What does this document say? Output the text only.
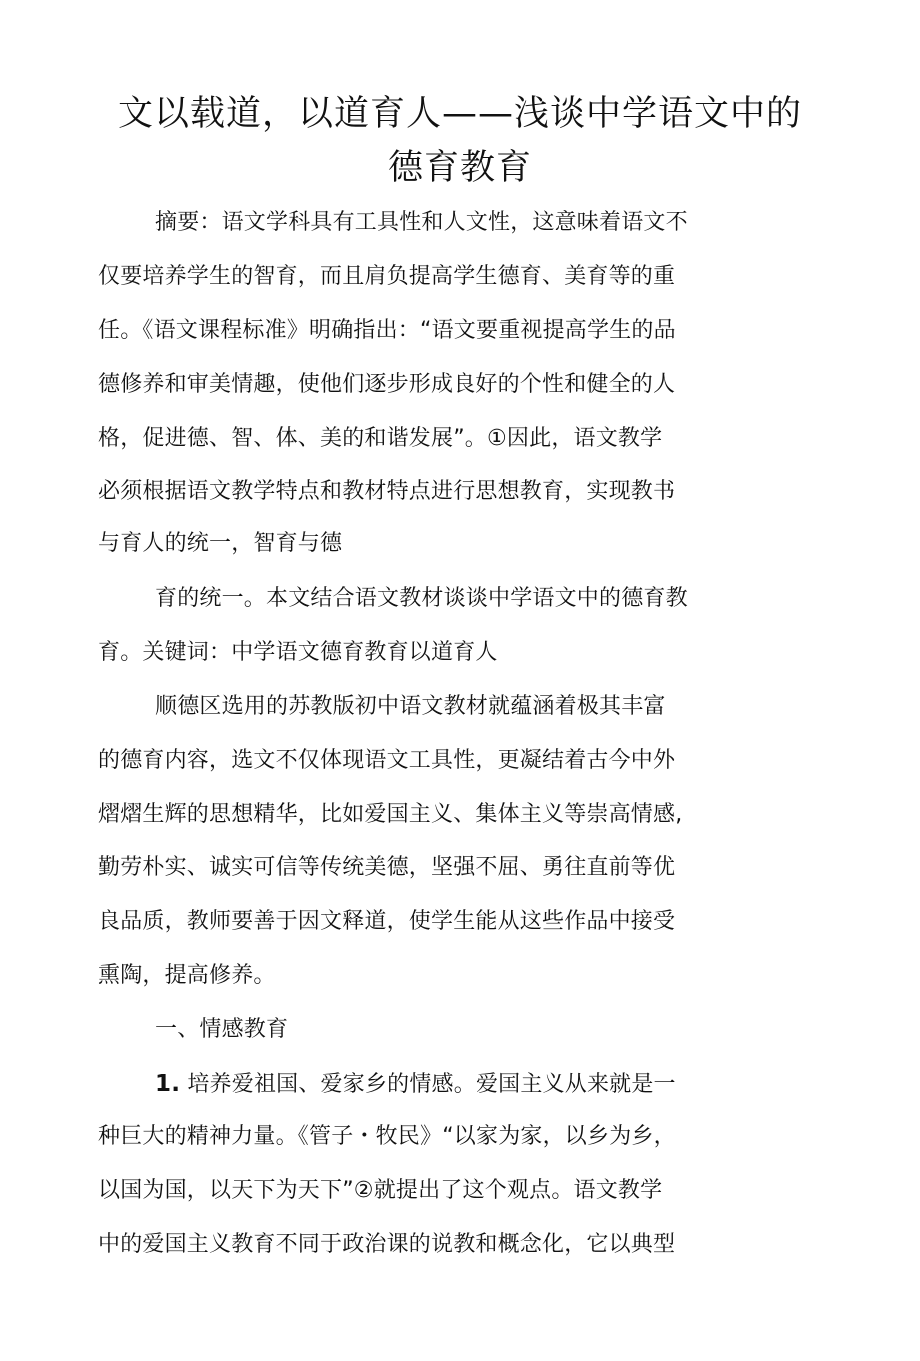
文以载道，以道育人——浅谈中学语文中的
德育教育
摘要：语文学科具有工具性和人文性，这意味着语文不
仅要培养学生的智育，而且肩负提高学生德育、美育等的重
任。《语文课程标准》明确指出：“语文要重视提高学生的品
德修养和审美情趣，使他们逐步形成良好的个性和健全的人
格，促进德、智、体、美的和谐发展”。①因此，语文教学
必须根据语文教学特点和教材特点进行思想教育，实现教书
与育人的统一，智育与德
育的统一。本文结合语文教材谈谈中学语文中的德育教
育。关键词：中学语文德育教育以道育人
顺德区选用的苏教版初中语文教材就蕴涵着极其丰富
的德育内容，选文不仅体现语文工具性，更凝结着古今中外
熠熠生辉的思想精华，比如爱国主义、集体主义等崇高情感,
勤劳朴实、诚实可信等传统美德，坚强不屈、勇往直前等优
良品质，教师要善于因文释道，使学生能从这些作品中接受
熏陶，提高修养。
一、情感教育
1. 培养爱祖国、爱家乡的情感。爱国主义从来就是一
种巨大的精神力量。《管子・牧民》“以家为家，以乡为乡，
以国为国，以天下为天下”②就提出了这个观点。语文教学
中的爱国主义教育不同于政治课的说教和概念化，它以典型
